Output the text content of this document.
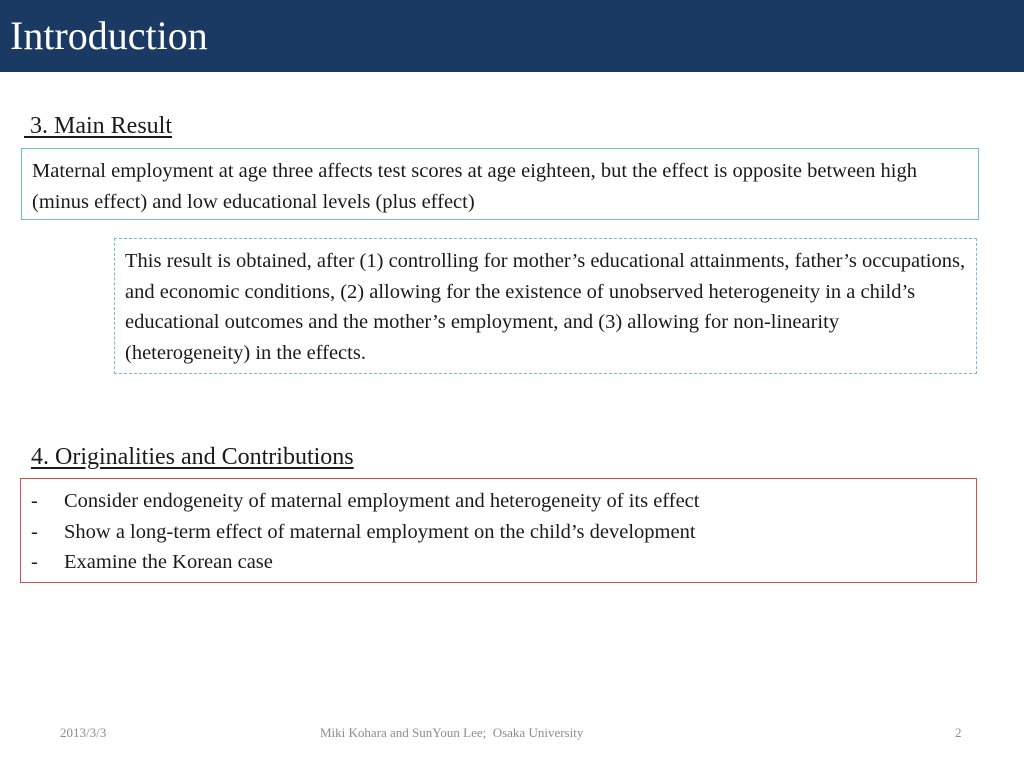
Introduction
3. Main Result
Maternal employment at age three affects test scores at age eighteen, but the effect is opposite between high (minus effect) and low educational levels (plus effect)
This result is obtained, after (1) controlling for mother’s educational attainments, father’s occupations, and economic conditions, (2) allowing for the existence of unobserved heterogeneity in a child’s educational outcomes and the mother’s employment, and (3) allowing for non-linearity (heterogeneity) in the effects.
4. Originalities and Contributions
- Consider endogeneity of maternal employment and heterogeneity of its effect
- Show a long-term effect of maternal employment on the child’s development
- Examine the Korean case
2013/3/3	Miki Kohara and SunYoun Lee;  Osaka University	2
